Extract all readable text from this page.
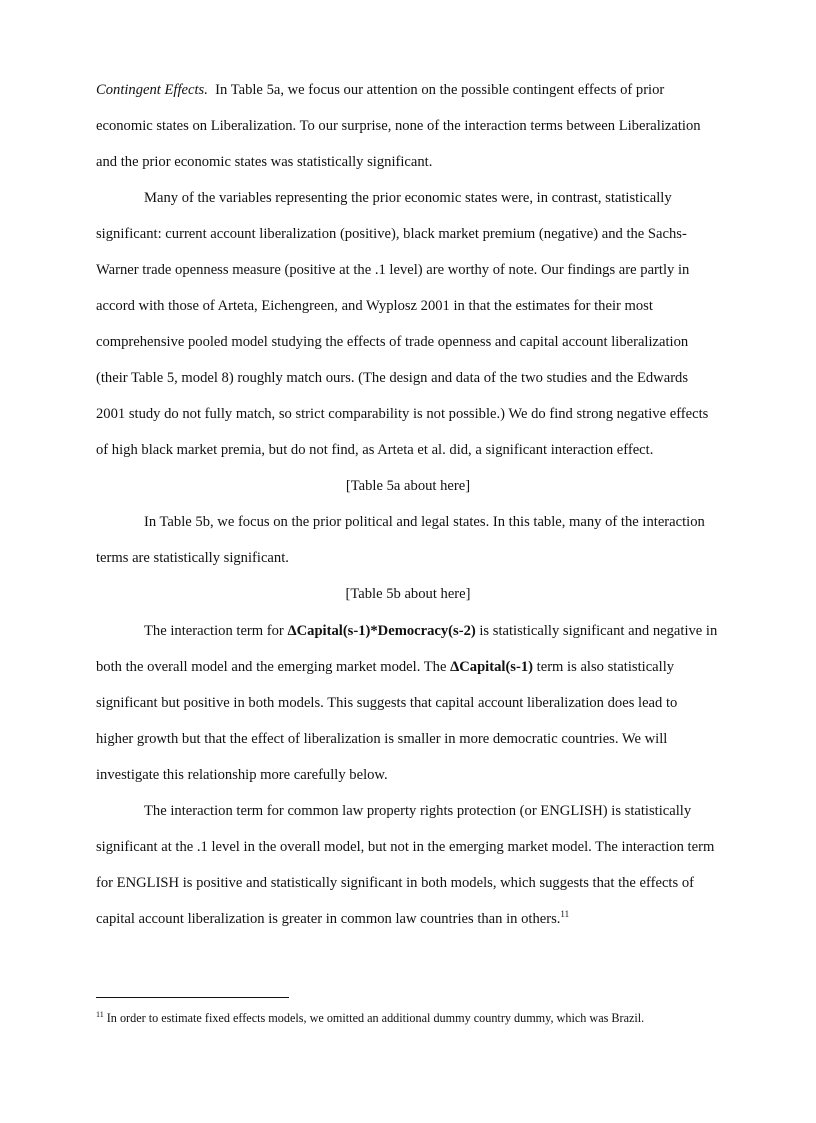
Contingent Effects.  In Table 5a, we focus our attention on the possible contingent effects of prior
economic states on Liberalization. To our surprise, none of the interaction terms between Liberalization
and the prior economic states was statistically significant.
Many of the variables representing the prior economic states were, in contrast, statistically
significant: current account liberalization (positive), black market premium (negative) and the Sachs-
Warner trade openness measure (positive at the .1 level) are worthy of note. Our findings are partly in
accord with those of Arteta, Eichengreen, and Wyplosz 2001 in that the estimates for their most
comprehensive pooled model studying the effects of trade openness and capital account liberalization
(their Table 5, model 8) roughly match ours. (The design and data of the two studies and the Edwards
2001 study do not fully match, so strict comparability is not possible.) We do find strong negative effects
of high black market premia, but do not find, as Arteta et al. did, a significant interaction effect.
[Table 5a about here]
In Table 5b, we focus on the prior political and legal states. In this table, many of the interaction
terms are statistically significant.
[Table 5b about here]
The interaction term for ΔCapital(s-1)*Democracy(s-2) is statistically significant and negative in
both the overall model and the emerging market model. The ΔCapital(s-1) term is also statistically
significant but positive in both models. This suggests that capital account liberalization does lead to
higher growth but that the effect of liberalization is smaller in more democratic countries. We will
investigate this relationship more carefully below.
The interaction term for common law property rights protection (or ENGLISH) is statistically
significant at the .1 level in the overall model, but not in the emerging market model. The interaction term
for ENGLISH is positive and statistically significant in both models, which suggests that the effects of
capital account liberalization is greater in common law countries than in others.$^{11}$
$^{11}$ In order to estimate fixed effects models, we omitted an additional dummy country dummy, which was Brazil.
